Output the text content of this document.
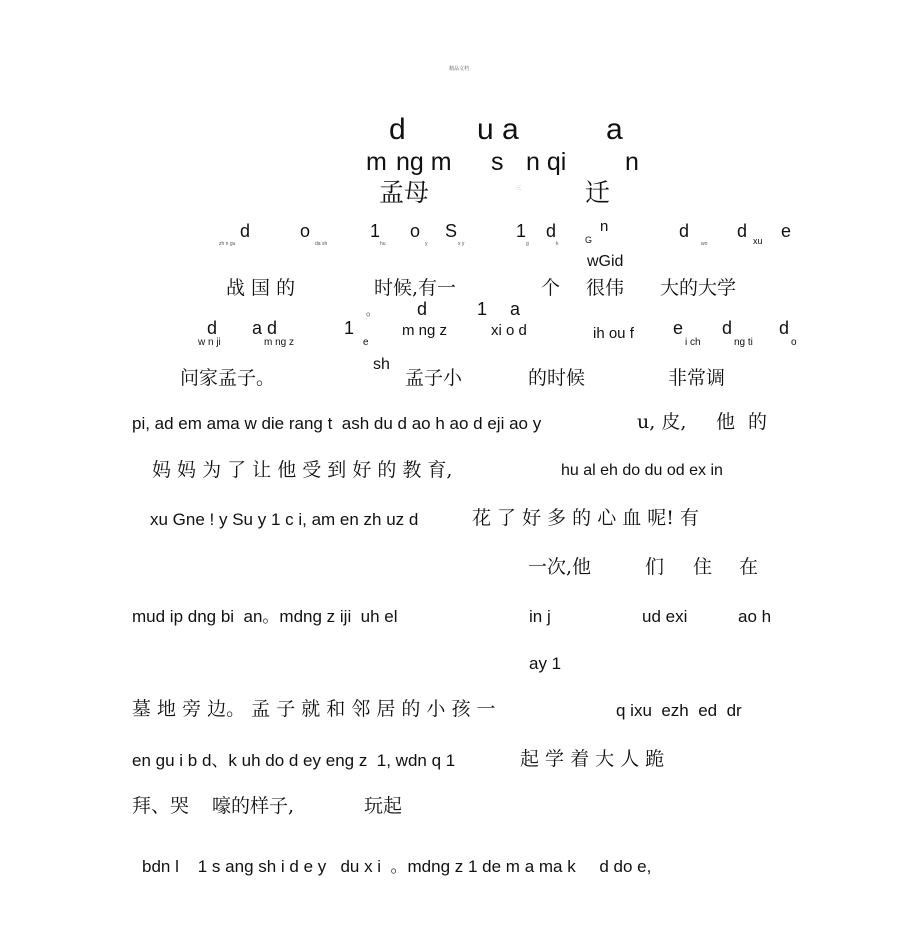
精品文档
d u a	a
m ng m s n qi n
孟母	三	迁
d	o	1 o S	1 d	n	d	d e
G
zh n gu	da sh	hu	y	x y	g	k	wo	xu
wGid
战 国 的	时候,有一	个 很伟 大的大学
。 d	1 a
d a d	1	m ng z	xi o d	ih ou f e d	d
w n ji	m ng z	e	i ch	ng ti	o
sh
问家孟子。	孟子小	的时候	非常调
pi, ad em ama w die rang t  ash du d ao h ao d eji ao y	u, 皮, 他 的
妈 妈 为 了 让 他 受 到 好 的 教 育,	hu al eh do du od ex in
xu Gne ! y Su y 1 c i, am en zh uz d	花 了 好 多 的 心 血 呢! 有
一次,他	们 住 在
mud ip dng bi  an。mdng z iji  uh el	in j	ud exi	ao h
ay 1
墓 地 旁 边。 孟 子 就 和 邻 居 的 小 孩 一	q ixu  ezh  ed  dr
en gu i b d、k uh do d ey eng z  1, wdn q 1	起 学 着 大 人 跪
拜、哭 嚎的样子,	玩起
bdn l    1 s ang sh i d e y   du x i  。mdng z 1 de m a ma k     d do e,
